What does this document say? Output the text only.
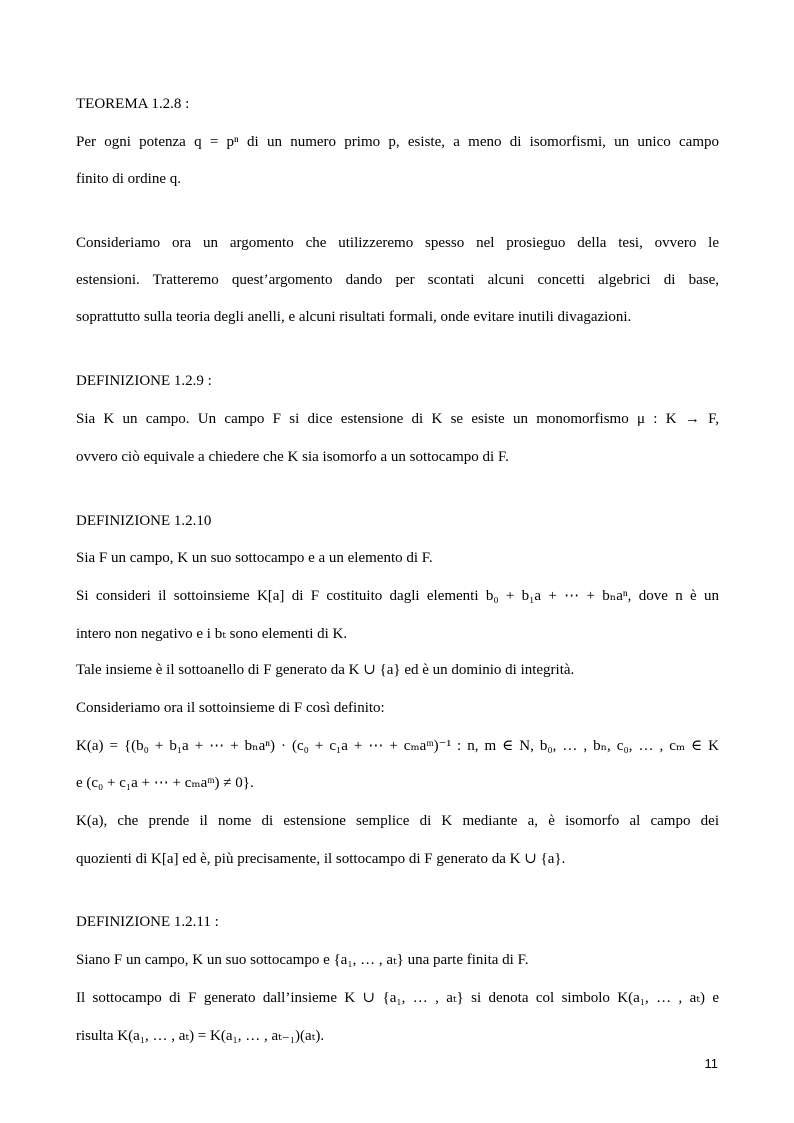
TEOREMA 1.2.8 :
Per ogni potenza q = pⁿ di un numero primo p, esiste, a meno di isomorfismi, un unico campo
finito di ordine q.
Consideriamo ora un argomento che utilizzeremo spesso nel prosieguo della tesi, ovvero le
estensioni. Tratteremo quest’argomento dando per scontati alcuni concetti algebrici di base,
soprattutto sulla teoria degli anelli, e alcuni risultati formali, onde evitare inutili divagazioni.
DEFINIZIONE 1.2.9 :
Sia K un campo. Un campo F si dice estensione di K se esiste un monomorfismo μ : K → F,
ovvero ciò equivale a chiedere che K sia isomorfo a un sottocampo di F.
DEFINIZIONE 1.2.10
Sia F un campo, K un suo sottocampo e a un elemento di F.
Si consideri il sottoinsieme K[a] di F costituito dagli elementi b₀ + b₁a + ⋯ + bₙaⁿ, dove n è un
intero non negativo e i bₜ sono elementi di K.
Tale insieme è il sottoanello di F generato da K ∪ {a} ed è un dominio di integrità.
Consideriamo ora il sottoinsieme di F così definito:
K(a) = {(b₀ + b₁a + ⋯ + bₙaⁿ) · (c₀ + c₁a + ⋯ + cₘaᵐ)⁻¹ : n, m ∈ N, b₀, … , bₙ, c₀, … , cₘ ∈ K
e (c₀ + c₁a + ⋯ + cₘaᵐ) ≠ 0}.
K(a), che prende il nome di estensione semplice di K mediante a, è isomorfo al campo dei
quozienti di K[a] ed è, più precisamente, il sottocampo di F generato da K ∪ {a}.
DEFINIZIONE 1.2.11 :
Siano F un campo, K un suo sottocampo e {a₁, … , aₜ} una parte finita di F.
Il sottocampo di F generato dall’insieme K ∪ {a₁, … , aₜ} si denota col simbolo K(a₁, … , aₜ) e
risulta K(a₁, … , aₜ) = K(a₁, … , aₜ₋₁)(aₜ).
11
